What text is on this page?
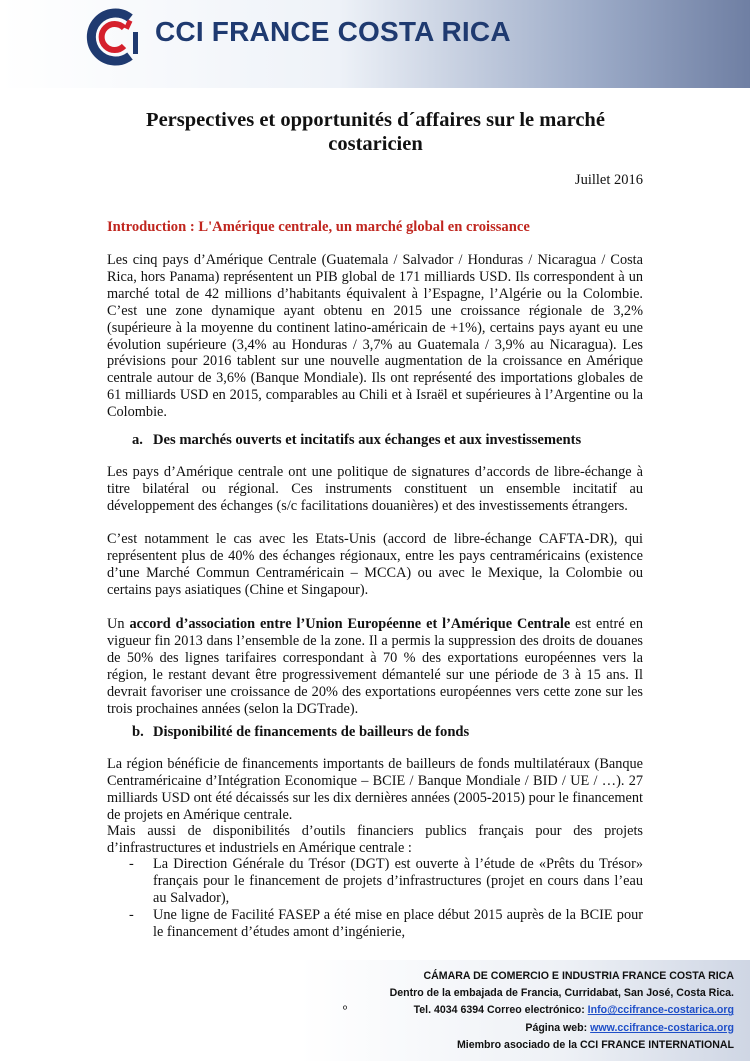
CCI FRANCE COSTA RICA
Perspectives et opportunités d´affaires sur le marché costaricien
Juillet 2016
Introduction : L'Amérique centrale, un marché global en croissance

Les cinq pays d’Amérique Centrale (Guatemala / Salvador / Honduras / Nicaragua / Costa Rica, hors Panama) représentent un PIB global de 171 milliards USD. Ils correspondent à un marché total de 42 millions d’habitants équivalent à l’Espagne, l’Algérie ou la Colombie. C’est une zone dynamique ayant obtenu en 2015 une croissance régionale de 3,2% (supérieure à la moyenne du continent latino-américain de +1%), certains pays ayant eu une évolution supérieure (3,4% au Honduras / 3,7% au Guatemala / 3,9% au Nicaragua). Les prévisions pour 2016 tablent sur une nouvelle augmentation de la croissance en Amérique centrale autour de 3,6% (Banque Mondiale). Ils ont représenté des importations globales de 61 milliards USD en 2015, comparables au Chili et à Israël et supérieures à l’Argentine ou la Colombie.

a. Des marchés ouverts et incitatifs aux échanges et aux investissements

Les pays d’Amérique centrale ont une politique de signatures d’accords de libre-échange à titre bilatéral ou régional. Ces instruments constituent un ensemble incitatif au développement des échanges (s/c facilitations douanières) et des investissements étrangers.

C’est notamment le cas avec les Etats-Unis (accord de libre-échange CAFTA-DR), qui représentent plus de 40% des échanges régionaux, entre les pays centraméricains (existence d’une Marché Commun Centraméricain – MCCA) ou avec le Mexique, la Colombie ou certains pays asiatiques (Chine et Singapour).

Un accord d’association entre l’Union Européenne et l’Amérique Centrale est entré en vigueur fin 2013 dans l’ensemble de la zone. Il a permis la suppression des droits de douanes de 50% des lignes tarifaires correspondant à 70 % des exportations européennes vers la région, le restant devant être progressivement démantelé sur une période de 3 à 15 ans. Il devrait favoriser une croissance de 20% des exportations européennes vers cette zone sur les trois prochaines années (selon la DGTrade).

b. Disponibilité de financements de bailleurs de fonds

La région bénéficie de financements importants de bailleurs de fonds multilatéraux (Banque Centraméricaine d’Intégration Economique – BCIE / Banque Mondiale / BID / UE / …). 27 milliards USD ont été décaissés sur les dix dernières années (2005-2015) pour le financement de projets en Amérique centrale.

Mais aussi de disponibilités d’outils financiers publics français pour des projets d’infrastructures et industriels en Amérique centrale :

- La Direction Générale du Trésor (DGT) est ouverte à l’étude de «Prêts du Trésor» français pour le financement de projets d’infrastructures (projet en cours dans l’eau au Salvador),
- Une ligne de Facilité FASEP a été mise en place début 2015 auprès de la BCIE pour le financement d’études amont d’ingénierie,
º
CÁMARA DE COMERCIO E INDUSTRIA FRANCE COSTA RICA
Dentro de la embajada de Francia, Curridabat, San José, Costa Rica.
Tel. 4034 6394 Correo electrónico: Info@ccifrance-costarica.org
Página web: www.ccifrance-costarica.org
Miembro asociado de la CCI FRANCE INTERNATIONAL
